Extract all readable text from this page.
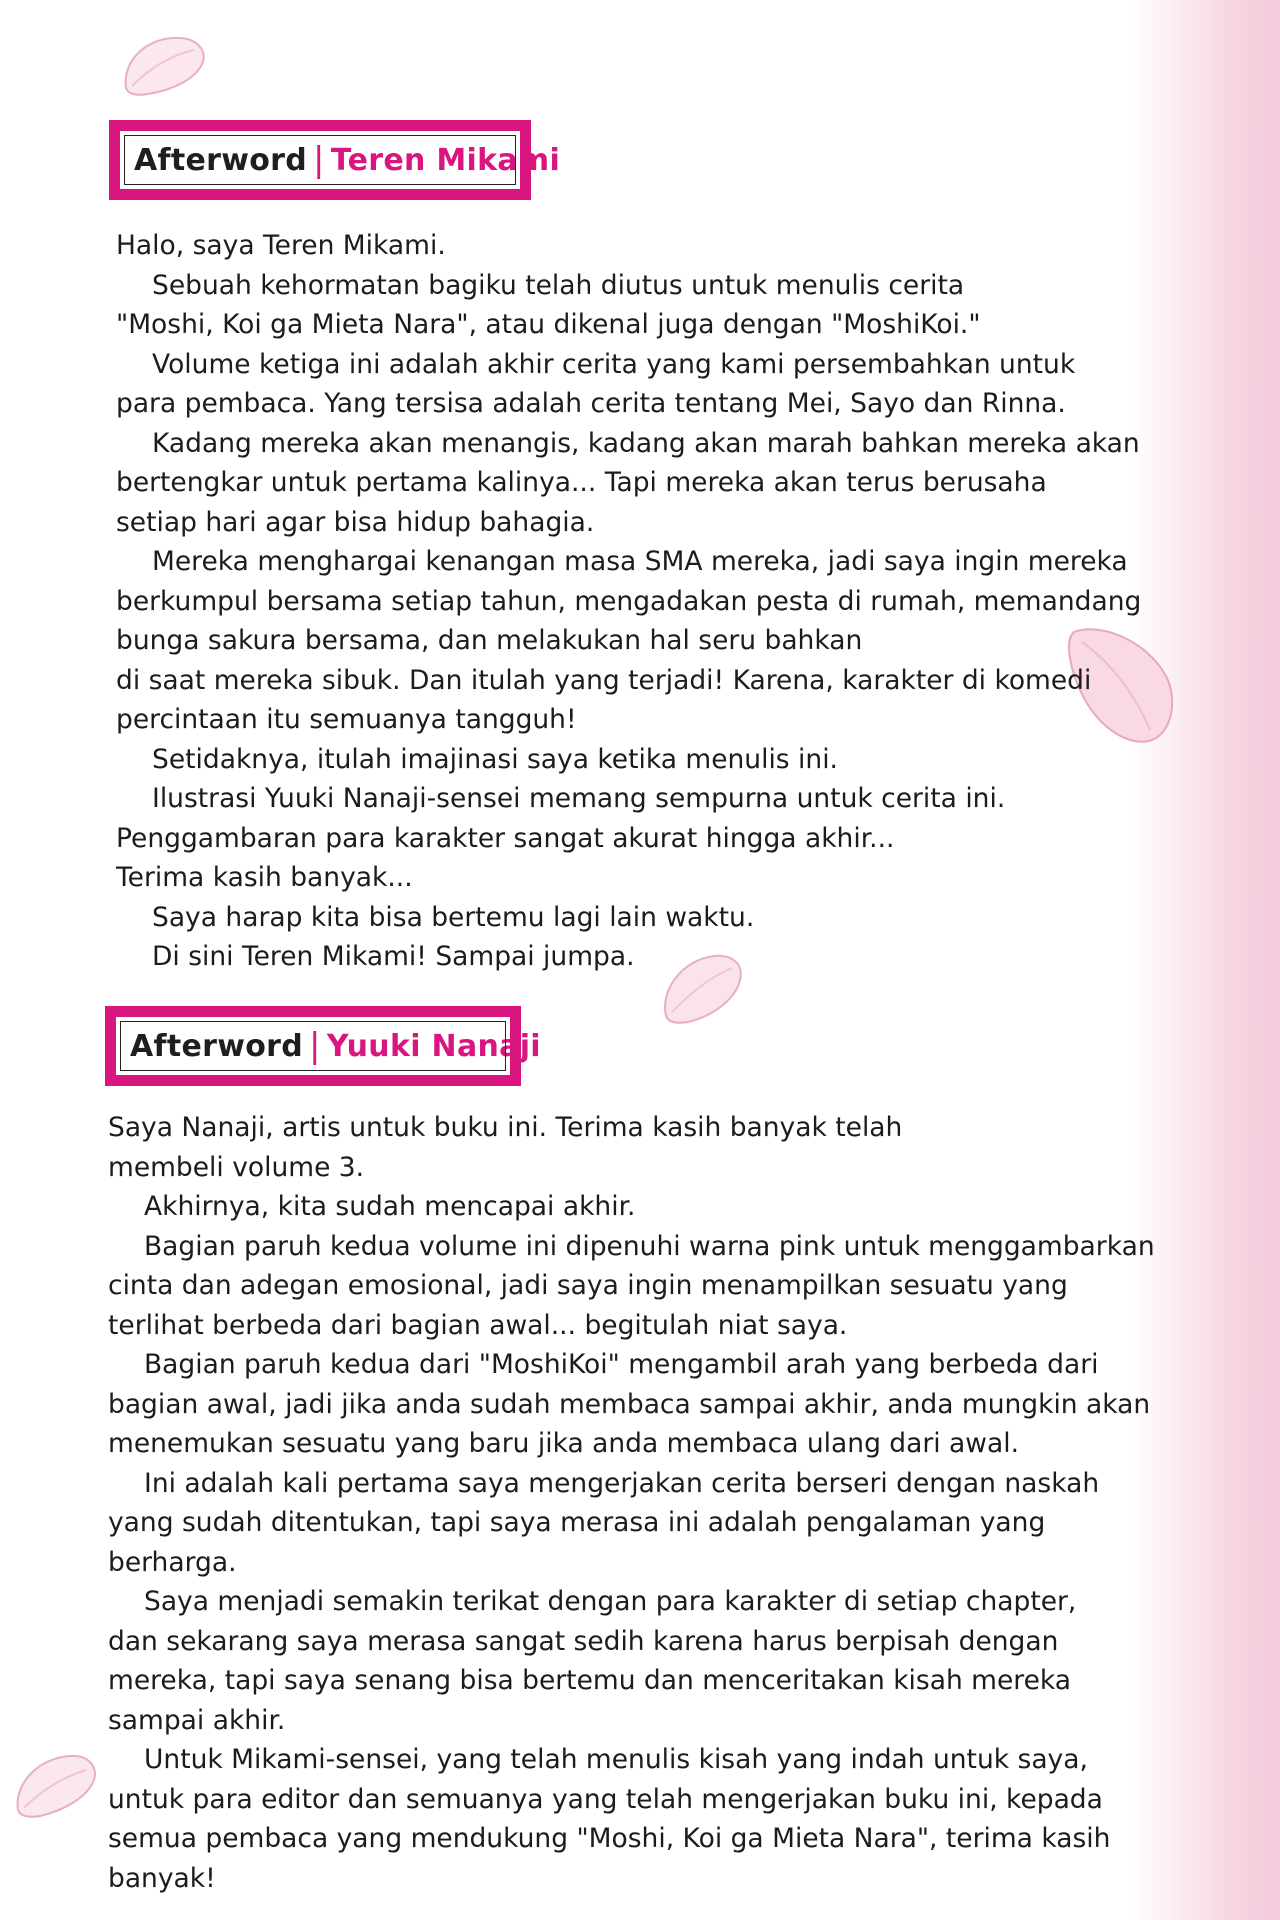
Afterword | Teren Mikami
Halo, saya Teren Mikami.
Sebuah kehormatan bagiku telah diutus untuk menulis cerita
"Moshi, Koi ga Mieta Nara", atau dikenal juga dengan "MoshiKoi."
Volume ketiga ini adalah akhir cerita yang kami persembahkan untuk
para pembaca. Yang tersisa adalah cerita tentang Mei, Sayo dan Rinna.
Kadang mereka akan menangis, kadang akan marah bahkan mereka akan
bertengkar untuk pertama kalinya... Tapi mereka akan terus berusaha
setiap hari agar bisa hidup bahagia.
Mereka menghargai kenangan masa SMA mereka, jadi saya ingin mereka
berkumpul bersama setiap tahun, mengadakan pesta di rumah, memandang
bunga sakura bersama, dan melakukan hal seru bahkan
di saat mereka sibuk. Dan itulah yang terjadi! Karena, karakter di komedi
percintaan itu semuanya tangguh!
Setidaknya, itulah imajinasi saya ketika menulis ini.
Ilustrasi Yuuki Nanaji-sensei memang sempurna untuk cerita ini.
Penggambaran para karakter sangat akurat hingga akhir...
Terima kasih banyak...
Saya harap kita bisa bertemu lagi lain waktu.
Di sini Teren Mikami! Sampai jumpa.
Afterword | Yuuki Nanaji
Saya Nanaji, artis untuk buku ini. Terima kasih banyak telah
membeli volume 3.
Akhirnya, kita sudah mencapai akhir.
Bagian paruh kedua volume ini dipenuhi warna pink untuk menggambarkan
cinta dan adegan emosional, jadi saya ingin menampilkan sesuatu yang
terlihat berbeda dari bagian awal... begitulah niat saya.
Bagian paruh kedua dari "MoshiKoi" mengambil arah yang berbeda dari
bagian awal, jadi jika anda sudah membaca sampai akhir, anda mungkin akan
menemukan sesuatu yang baru jika anda membaca ulang dari awal.
Ini adalah kali pertama saya mengerjakan cerita berseri dengan naskah
yang sudah ditentukan, tapi saya merasa ini adalah pengalaman yang
berharga.
Saya menjadi semakin terikat dengan para karakter di setiap chapter,
dan sekarang saya merasa sangat sedih karena harus berpisah dengan
mereka, tapi saya senang bisa bertemu dan menceritakan kisah mereka
sampai akhir.
Untuk Mikami-sensei, yang telah menulis kisah yang indah untuk saya,
untuk para editor dan semuanya yang telah mengerjakan buku ini, kepada
semua pembaca yang mendukung "Moshi, Koi ga Mieta Nara", terima kasih
banyak!
